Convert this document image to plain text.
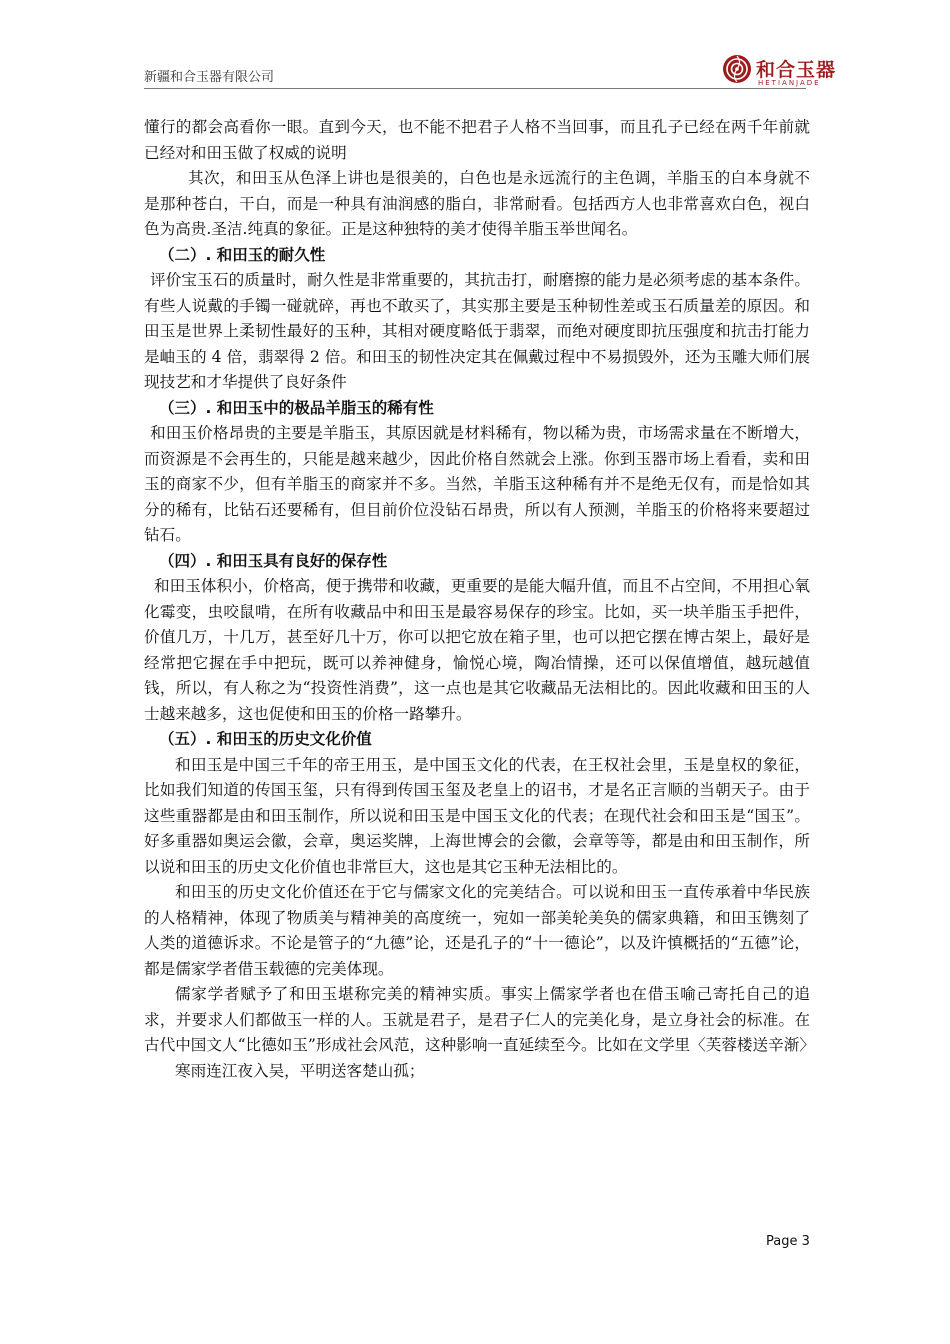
新疆和合玉器有限公司	和合玉器
HETIANJADE

懂行的都会高看你一眼。直到今天，也不能不把君子人格不当回事，而且孔子已经在两千年前就已经对和田玉做了权威的说明

其次，和田玉从色泽上讲也是很美的，白色也是永远流行的主色调，羊脂玉的白本身就不是那种苍白，干白，而是一种具有油润感的脂白，非常耐看。包括西方人也非常喜欢白色，视白色为高贵.圣洁.纯真的象征。正是这种独特的美才使得羊脂玉举世闻名。

（二）. 和田玉的耐久性

评价宝玉石的质量时，耐久性是非常重要的，其抗击打，耐磨擦的能力是必须考虑的基本条件。有些人说戴的手镯一碰就碎，再也不敢买了，其实那主要是玉种韧性差或玉石质量差的原因。和田玉是世界上柔韧性最好的玉种，其相对硬度略低于翡翠，而绝对硬度即抗压强度和抗击打能力是岫玉的 4 倍，翡翠得 2 倍。和田玉的韧性决定其在佩戴过程中不易损毁外，还为玉雕大师们展现技艺和才华提供了良好条件

（三）. 和田玉中的极品羊脂玉的稀有性

和田玉价格昂贵的主要是羊脂玉，其原因就是材料稀有，物以稀为贵，市场需求量在不断增大，而资源是不会再生的，只能是越来越少，因此价格自然就会上涨。你到玉器市场上看看，卖和田玉的商家不少，但有羊脂玉的商家并不多。当然，羊脂玉这种稀有并不是绝无仅有，而是恰如其分的稀有，比钻石还要稀有，但目前价位没钻石昂贵，所以有人预测，羊脂玉的价格将来要超过钻石。

（四）. 和田玉具有良好的保存性

和田玉体积小，价格高，便于携带和收藏，更重要的是能大幅升值，而且不占空间，不用担心氧化霉变，虫咬鼠啃，在所有收藏品中和田玉是最容易保存的珍宝。比如，买一块羊脂玉手把件，价值几万，十几万，甚至好几十万，你可以把它放在箱子里，也可以把它摆在博古架上，最好是经常把它握在手中把玩，既可以养神健身，愉悦心境，陶冶情操，还可以保值增值，越玩越值钱，所以，有人称之为“投资性消费”，这一点也是其它收藏品无法相比的。因此收藏和田玉的人士越来越多，这也促使和田玉的价格一路攀升。

（五）. 和田玉的历史文化价值

和田玉是中国三千年的帝王用玉，是中国玉文化的代表，在王权社会里，玉是皇权的象征，比如我们知道的传国玉玺，只有得到传国玉玺及老皇上的诏书，才是名正言顺的当朝天子。由于这些重器都是由和田玉制作，所以说和田玉是中国玉文化的代表；在现代社会和田玉是“国玉”。好多重器如奥运会徽，会章，奥运奖牌，上海世博会的会徽，会章等等，都是由和田玉制作，所以说和田玉的历史文化价值也非常巨大，这也是其它玉种无法相比的。

和田玉的历史文化价值还在于它与儒家文化的完美结合。可以说和田玉一直传承着中华民族的人格精神，体现了物质美与精神美的高度统一，宛如一部美轮美奂的儒家典籍，和田玉镌刻了人类的道德诉求。不论是管子的“九德”论，还是孔子的“十一德论”，以及许慎概括的“五德”论，都是儒家学者借玉载德的完美体现。

儒家学者赋予了和田玉堪称完美的精神实质。事实上儒家学者也在借玉喻己寄托自己的追求，并要求人们都做玉一样的人。玉就是君子，是君子仁人的完美化身，是立身社会的标准。在古代中国文人“比德如玉”形成社会风范，这种影响一直延续至今。比如在文学里〈芙蓉楼送辛渐〉

寒雨连江夜入吴，平明送客楚山孤；

Page 3
